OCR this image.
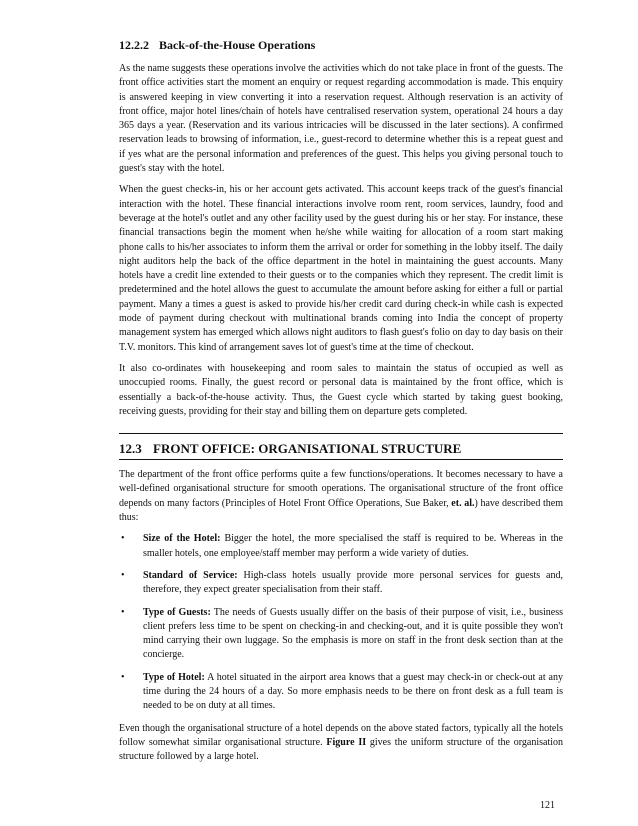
12.2.2 Back-of-the-House Operations

As the name suggests these operations involve the activities which do not take place in front of the guests. The front office activities start the moment an enquiry or request regarding accommodation is made. This enquiry is answered keeping in view converting it into a reservation request. Although reservation is an activity of front office, major hotel lines/chain of hotels have centralised reservation system, operational 24 hours a day 365 days a year. (Reservation and its various intricacies will be discussed in the later sections). A confirmed reservation leads to browsing of information, i.e., guest-record to determine whether this is a repeat guest and if yes what are the personal information and preferences of the guest. This helps you giving personal touch to guest's stay with the hotel.

When the guest checks-in, his or her account gets activated. This account keeps track of the guest's financial interaction with the hotel. These financial interactions involve room rent, room services, laundry, food and beverage at the hotel's outlet and any other facility used by the guest during his or her stay. For instance, these financial transactions begin the moment when he/she while waiting for allocation of a room start making phone calls to his/her associates to inform them the arrival or order for something in the lobby itself. The daily night auditors help the back of the office department in the hotel in maintaining the guest accounts. Many hotels have a credit line extended to their guests or to the companies which they represent. The credit limit is predetermined and the hotel allows the guest to accumulate the amount before asking for either a full or partial payment. Many a times a guest is asked to provide his/her credit card during check-in while cash is expected mode of payment during checkout with multinational brands coming into India the concept of property management system has emerged which allows night auditors to flash guest's folio on day to day basis on their T.V. monitors. This kind of arrangement saves lot of guest's time at the time of checkout.

It also co-ordinates with housekeeping and room sales to maintain the status of occupied as well as unoccupied rooms. Finally, the guest record or personal data is maintained by the front office, which is essentially a back-of-the-house activity. Thus, the Guest cycle which started by taking guest booking, receiving guests, providing for their stay and billing them on departure gets completed.

12.3 FRONT OFFICE: ORGANISATIONAL STRUCTURE

The department of the front office performs quite a few functions/operations. It becomes necessary to have a well-defined organisational structure for smooth operations. The organisational structure of the front office depends on many factors (Principles of Hotel Front Office Operations, Sue Baker, et. al.) have described them thus:

• Size of the Hotel: Bigger the hotel, the more specialised the staff is required to be. Whereas in the smaller hotels, one employee/staff member may perform a wide variety of duties.
• Standard of Service: High-class hotels usually provide more personal services for guests and, therefore, they expect greater specialisation from their staff.
• Type of Guests: The needs of Guests usually differ on the basis of their purpose of visit, i.e., business client prefers less time to be spent on checking-in and checking-out, and it is quite possible they won't mind carrying their own luggage. So the emphasis is more on staff in the front desk section than at the concierge.
• Type of Hotel: A hotel situated in the airport area knows that a guest may check-in or check-out at any time during the 24 hours of a day. So more emphasis needs to be there on front desk as a full team is needed to be on duty at all times.

Even though the organisational structure of a hotel depends on the above stated factors, typically all the hotels follow somewhat similar organisational structure. Figure II gives the uniform structure of the organisation structure followed by a large hotel.

121
